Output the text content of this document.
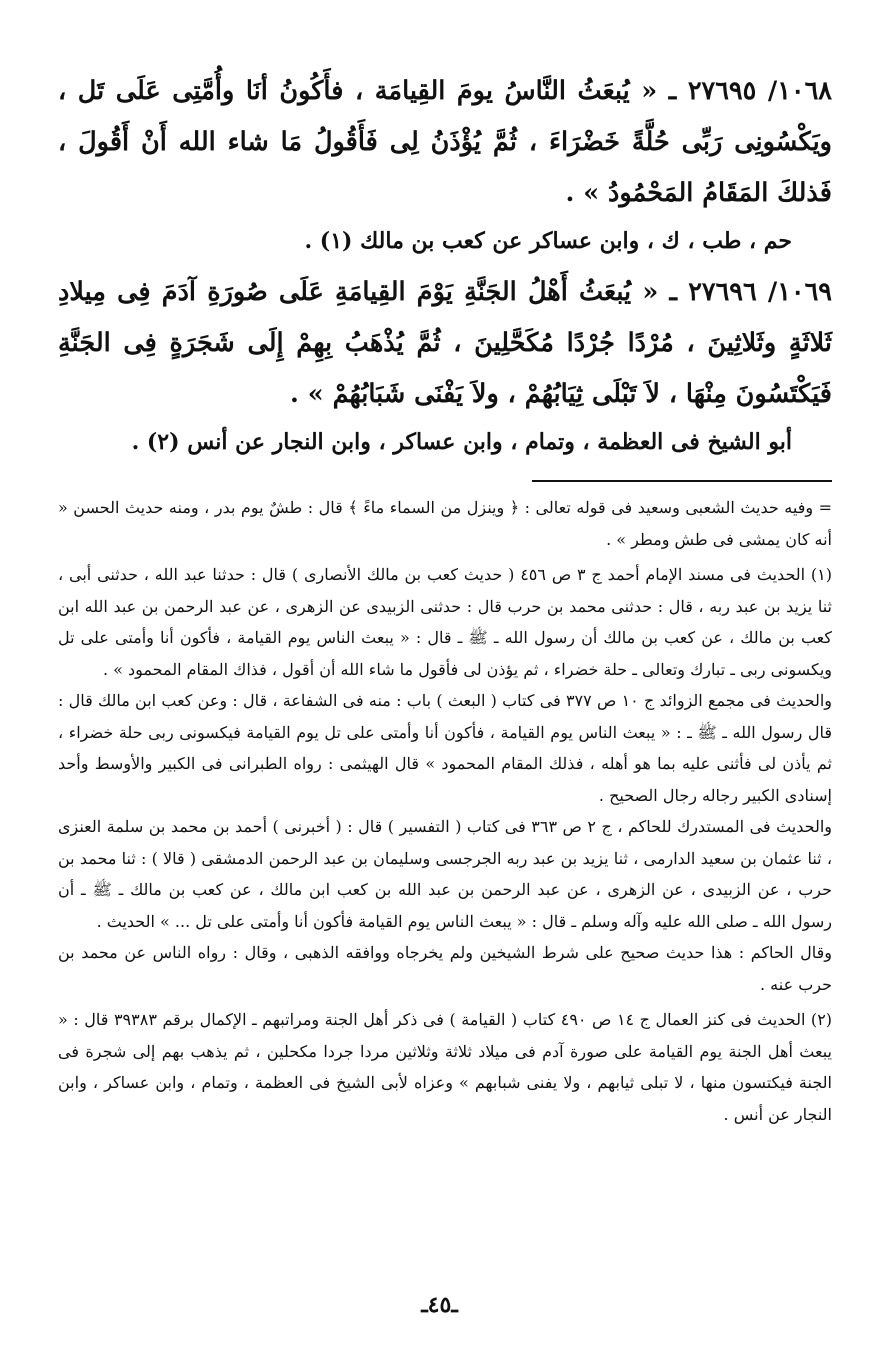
١٠٦٨/ ٢٧٦٩٥ ـ « يُبعَثُ النَّاسُ يومَ القِيامَة ، فأَكُونُ أنَا وأُمَّتِى عَلَى تَل ، ويَكْسُونِى رَبِّى حُلَّةً خَضْرَاءَ ، ثُمَّ يُؤْذَنُ لِى فَأَقُولُ مَا شاء الله أَنْ أَقُولَ ، فَذلكَ المَقَامُ المَحْمُودُ » .

حم ، طب ، ك ، وابن عساكر عن كعب بن مالك (١) .

١٠٦٩/ ٢٧٦٩٦ ـ « يُبعَثُ أَهْلُ الجَنَّةِ يَوْمَ القِيامَةِ عَلَى صُورَةِ آدَمَ فِى مِيلادِ ثَلاثَةٍ وثَلاثِينَ ، مُرْدًا جُرْدًا مُكَحَّلِينَ ، ثُمَّ يُذْهَبُ بِهِمْ إِلَى شَجَرَةٍ فِى الجَنَّةِ فَيَكْتَسُونَ مِنْهَا ، لاَ تَبْلَى ثِيَابُهُمْ ، ولاَ يَفْنَى شَبَابُهُمْ » .

أبو الشيخ فى العظمة ، وتمام ، وابن عساكر ، وابن النجار عن أنس (٢) .

= وفيه حديث الشعبى وسعيد فى قوله تعالى : ﴿ وينزل من السماء ماءً ﴾ قال : طشٌ يوم بدر ، ومنه حديث الحسن « أنه كان يمشى فى طش ومطر » .

(١) الحديث فى مسند الإمام أحمد ج ٣ ص ٤٥٦ ( حديث كعب بن مالك الأنصارى ) قال : حدثنا عبد الله ، حدثنى أبى ، ثنا يزيد بن عبد ربه ، قال : حدثنى محمد بن حرب قال : حدثنى الزبيدى عن الزهرى ، عن عبد الرحمن بن عبد الله ابن كعب بن مالك ، عن كعب بن مالك أن رسول الله ـ ﷺ ـ قال : « يبعث الناس يوم القيامة ، فأكون أنا وأمتى على تل ويكسونى ربى ـ تبارك وتعالى ـ حلة خضراء ، ثم يؤذن لى فأقول ما شاء الله أن أقول ، فذاك المقام المحمود » .

والحديث فى مجمع الزوائد ج ١٠ ص ٣٧٧ فى كتاب ( البعث ) باب : منه فى الشفاعة ، قال : وعن كعب ابن مالك قال : قال رسول الله ـ ﷺ ـ : « يبعث الناس يوم القيامة ، فأكون أنا وأمتى على تل يوم القيامة فيكسونى ربى حلة خضراء ، ثم يأذن لى فأثنى عليه بما هو أهله ، فذلك المقام المحمود » قال الهيثمى : رواه الطبرانى فى الكبير والأوسط وأحد إسنادى الكبير رجاله رجال الصحيح .

والحديث فى المستدرك للحاكم ، ج ٢ ص ٣٦٣ فى كتاب ( التفسير ) قال : ( أخبرنى ) أحمد بن محمد بن سلمة العنزى ، ثنا عثمان بن سعيد الدارمى ، ثنا يزيد بن عبد ربه الجرجسى وسليمان بن عبد الرحمن الدمشقى ( قالا ) : ثنا محمد بن حرب ، عن الزبيدى ، عن الزهرى ، عن عبد الرحمن بن عبد الله بن كعب ابن مالك ، عن كعب بن مالك ـ ﷺ ـ أن رسول الله ـ صلى الله عليه وآله وسلم ـ قال : « يبعث الناس يوم القيامة فأكون أنا وأمتى على تل ... » الحديث .

وقال الحاكم : هذا حديث صحيح على شرط الشيخين ولم يخرجاه ووافقه الذهبى ، وقال : رواه الناس عن محمد بن حرب عنه .

(٢) الحديث فى كنز العمال ج ١٤ ص ٤٩٠ كتاب ( القيامة ) فى ذكر أهل الجنة ومراتبهم ـ الإكمال برقم ٣٩٣٨٣ قال : « يبعث أهل الجنة يوم القيامة على صورة آدم فى ميلاد ثلاثة وثلاثين مردا جردا مكحلين ، ثم يذهب بهم إلى شجرة فى الجنة فيكتسون منها ، لا تبلى ثيابهم ، ولا يفنى شبابهم » وعزاه لأبى الشيخ فى العظمة ، وتمام ، وابن عساكر ، وابن النجار عن أنس .

ـ٤٥ـ
